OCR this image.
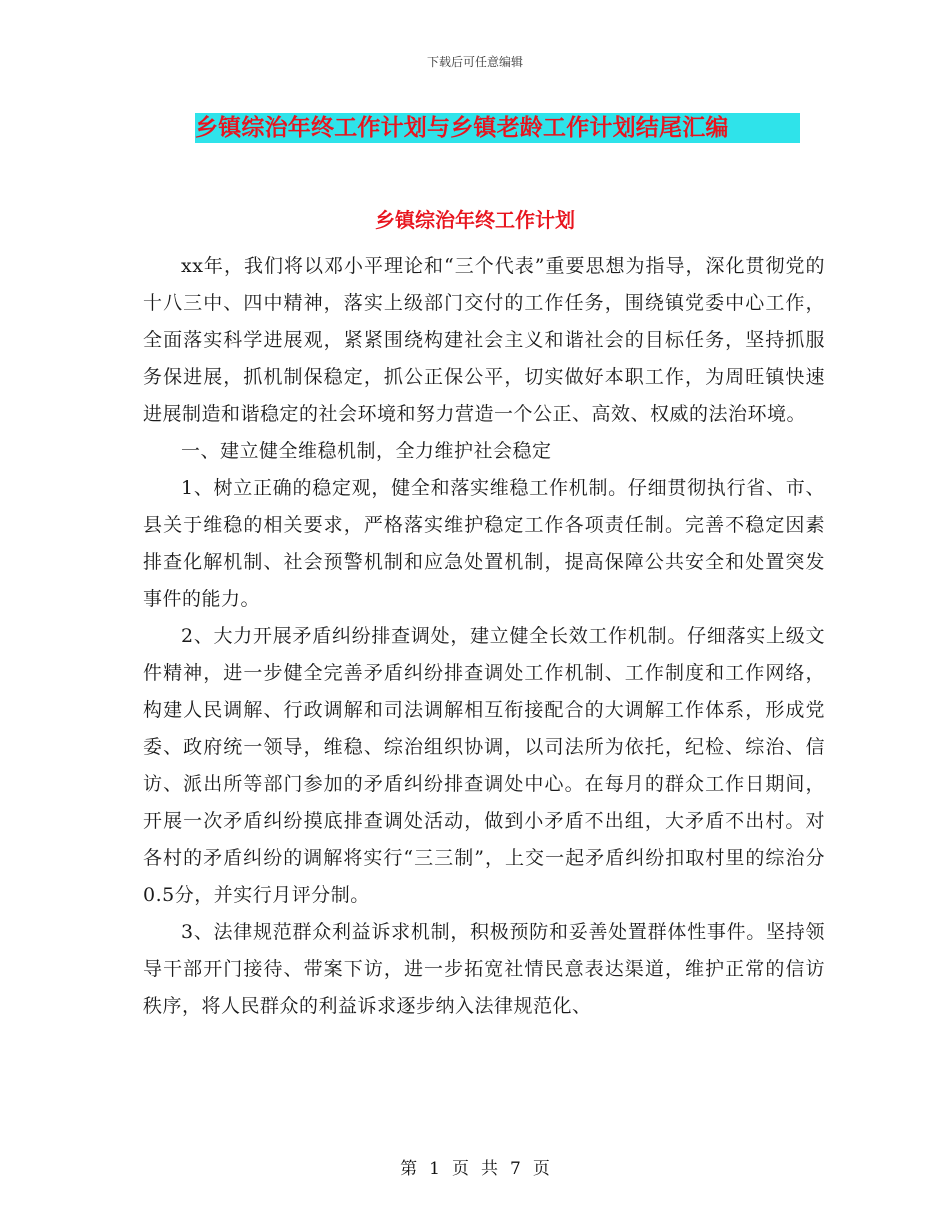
下载后可任意编辑
乡镇综治年终工作计划与乡镇老龄工作计划结尾汇编
乡镇综治年终工作计划

xx年，我们将以邓小平理论和“三个代表”重要思想为指导，深化贯彻党的十八三中、四中精神，落实上级部门交付的工作任务，围绕镇党委中心工作，全面落实科学进展观，紧紧围绕构建社会主义和谐社会的目标任务，坚持抓服务保进展，抓机制保稳定，抓公正保公平，切实做好本职工作，为周旺镇快速进展制造和谐稳定的社会环境和努力营造一个公正、高效、权威的法治环境。

一、建立健全维稳机制，全力维护社会稳定

1、树立正确的稳定观，健全和落实维稳工作机制。仔细贯彻执行省、市、县关于维稳的相关要求，严格落实维护稳定工作各项责任制。完善不稳定因素排查化解机制、社会预警机制和应急处置机制，提高保障公共安全和处置突发事件的能力。

2、大力开展矛盾纠纷排查调处，建立健全长效工作机制。仔细落实上级文件精神，进一步健全完善矛盾纠纷排查调处工作机制、工作制度和工作网络，构建人民调解、行政调解和司法调解相互衔接配合的大调解工作体系，形成党委、政府统一领导，维稳、综治组织协调，以司法所为依托，纪检、综治、信访、派出所等部门参加的矛盾纠纷排查调处中心。在每月的群众工作日期间，开展一次矛盾纠纷摸底排查调处活动，做到小矛盾不出组，大矛盾不出村。对各村的矛盾纠纷的调解将实行“三三制”，上交一起矛盾纠纷扣取村里的综治分0.5分，并实行月评分制。

3、法律规范群众利益诉求机制，积极预防和妥善处置群体性事件。坚持领导干部开门接待、带案下访，进一步拓宽社情民意表达渠道，维护正常的信访秩序，将人民群众的利益诉求逐步纳入法律规范化、

第 1 页 共 7 页
